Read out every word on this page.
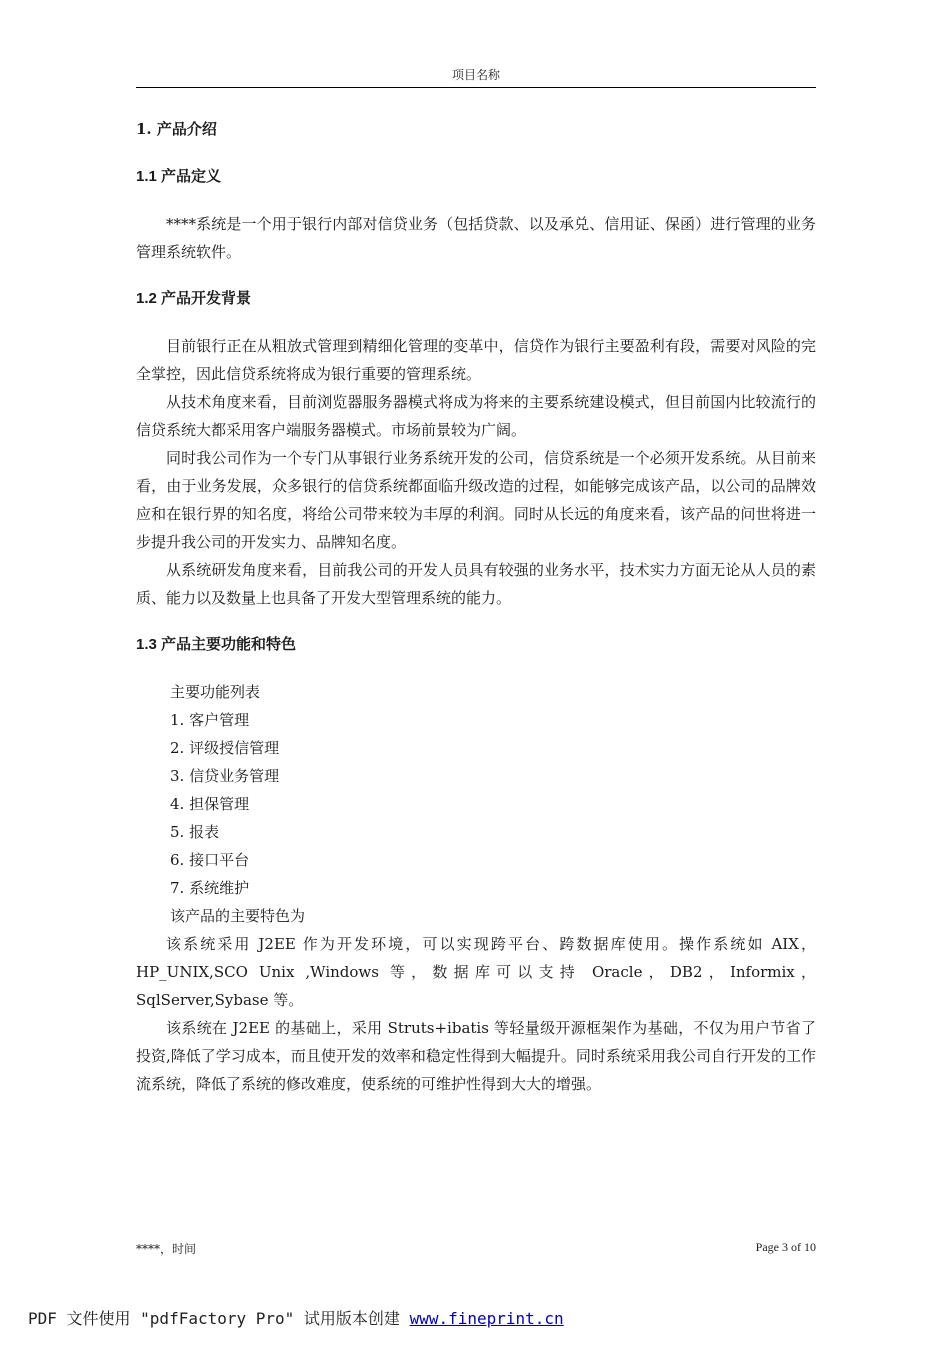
项目名称
1. 产品介绍
1.1 产品定义

****系统是一个用于银行内部对信贷业务（包括贷款、以及承兑、信用证、保函）进行管理的业务管理系统软件。

1.2 产品开发背景

目前银行正在从粗放式管理到精细化管理的变革中，信贷作为银行主要盈利有段，需要对风险的完全掌控，因此信贷系统将成为银行重要的管理系统。

从技术角度来看，目前浏览器服务器模式将成为将来的主要系统建设模式，但目前国内比较流行的信贷系统大都采用客户端服务器模式。市场前景较为广阔。

同时我公司作为一个专门从事银行业务系统开发的公司，信贷系统是一个必须开发系统。从目前来看，由于业务发展，众多银行的信贷系统都面临升级改造的过程，如能够完成该产品，以公司的品牌效应和在银行界的知名度，将给公司带来较为丰厚的利润。同时从长远的角度来看，该产品的问世将进一步提升我公司的开发实力、品牌知名度。

从系统研发角度来看，目前我公司的开发人员具有较强的业务水平，技术实力方面无论从人员的素质、能力以及数量上也具备了开发大型管理系统的能力。

1.3 产品主要功能和特色

主要功能列表

1. 客户管理
2. 评级授信管理
3. 信贷业务管理
4. 担保管理
5. 报表
6. 接口平台
7. 系统维护

该产品的主要特色为

该系统采用 J2EE 作为开发环境，可以实现跨平台、跨数据库使用。操作系统如 AIX，HP_UNIX,SCO Unix ,Windows 等，数据库可以支持 Oracle，DB2，Informix，SqlServer,Sybase 等。

该系统在 J2EE 的基础上，采用 Struts+ibatis 等轻量级开源框架作为基础，不仅为用户节省了投资,降低了学习成本，而且使开发的效率和稳定性得到大幅提升。同时系统采用我公司自行开发的工作流系统，降低了系统的修改难度，使系统的可维护性得到大大的增强。

****，时间	Page 3 of 10
PDF 文件使用 "pdfFactory Pro" 试用版本创建 www.fineprint.cn
